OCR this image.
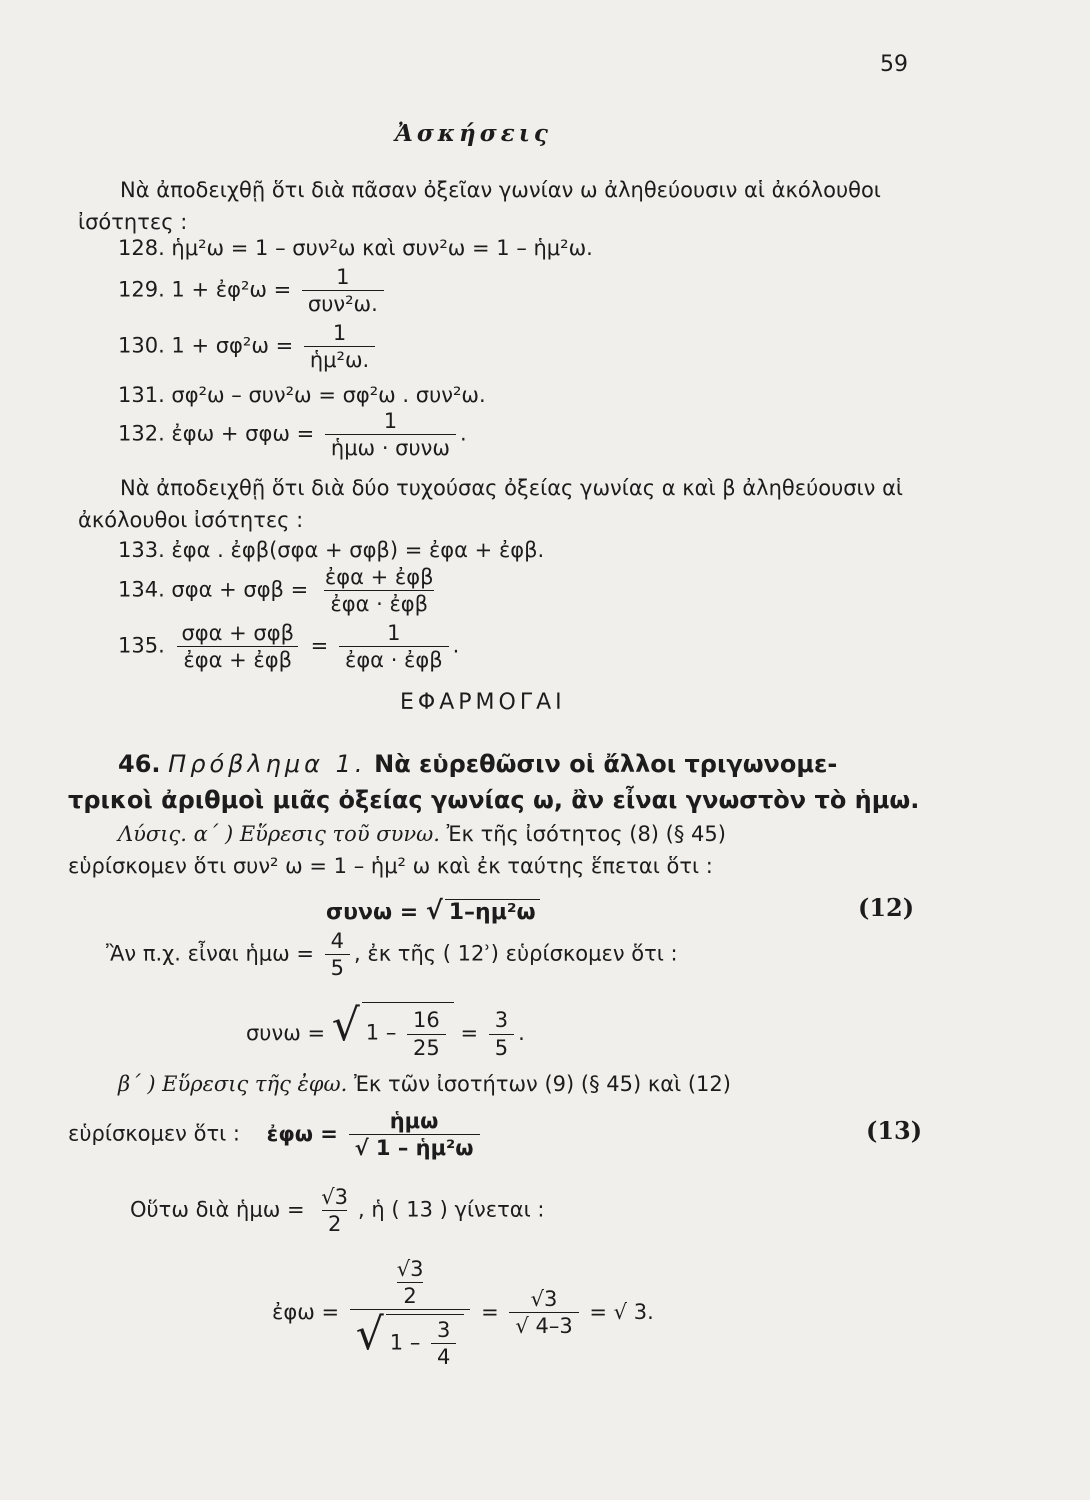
59
Ἀσκήσεις
Νὰ ἀποδειχθῇ ὅτι διὰ πᾶσαν ὀξεῖαν γωνίαν ω ἀληθεύουσιν αἱ ἀκόλουθοι
ἰσότητες :
128. ἡμ²ω = 1 – συν²ω καὶ συν²ω = 1 – ἡμ²ω.
129. 1 + ἐφ²ω = $\frac{1}{\text{συν²ω.}}$
130. $1 + \sigma\varphi^2\omega = \frac{1}{\text{ἡμ²ω.}}$
131. σφ²ω – συν²ω = σφ²ω . συν²ω.
132. ἐφω + $\sigma\varphi\omega = \frac{1}{\text{ἡμω · συνω}}$ .
Νὰ ἀποδειχθῇ ὅτι διὰ δύο τυχούσας ὀξείας γωνίας α καὶ β ἀληθεύουσιν αἱ
ἀκόλουθοι ἰσότητες :
133. ἐφα . ἐφβ(σφα + σφβ) = ἐφα + ἐφβ.
134. $\sigma\varphi\alpha + \sigma\varphi\beta = \frac{\text{ἐφα + ἐφβ}}{\text{ἐφα · ἐφβ}}$
135. $\frac{\text{σφα + σφβ}}{\text{ἐφα + ἐφβ}} = \frac{1}{\text{ἐφα · ἐφβ}}$ .
ΕΦΑΡΜΟΓΑΙ
46. Πρόβλημα 1. Νὰ εὑρεθῶσιν οἱ ἄλλοι τριγωνομε-
τρικοὶ ἀριθμοὶ μιᾶς ὀξείας γωνίας ω, ἂν εἶναι γνωστὸν τὸ ἡμω.
Λύσις. α΄ ) Εὕρεσις τοῦ συνω. Ἐκ τῆς ἰσότητος (8) (§ 45)
εὑρίσκομεν ὅτι συν² ω = 1 – ἡμ² ω καὶ ἐκ ταύτης ἕπεται ὅτι :
συνω = √ 1–ημ²ω	(12)
Ἂν π.χ. εἶναι ἡμω = $\frac{4}{5}$ , ἐκ τῆς ( 12ʾ) εὑρίσκομεν ὅτι :
συνω = √ $1 - \frac{16}{25} = \frac{3}{5}$ .
β΄ ) Εὕρεσις τῆς ἐφω. Ἐκ τῶν ἰσοτήτων (9) (§ 45) καὶ (12)
εὑρίσκομεν ὅτι : ἐφω = $\frac{\text{ἡμω}}{\text{√ 1 – ἡμ²ω}}$	(13)
Οὕτω διὰ ἡμω = $\frac{√3}{2}$ , ἡ ( 13 ) γίνεται :
ἐφω = $\frac{\frac{√3}{2}}{√ 1 - \frac{3}{4}} = \frac{√3}{√ 4-3}$ = √ 3.
